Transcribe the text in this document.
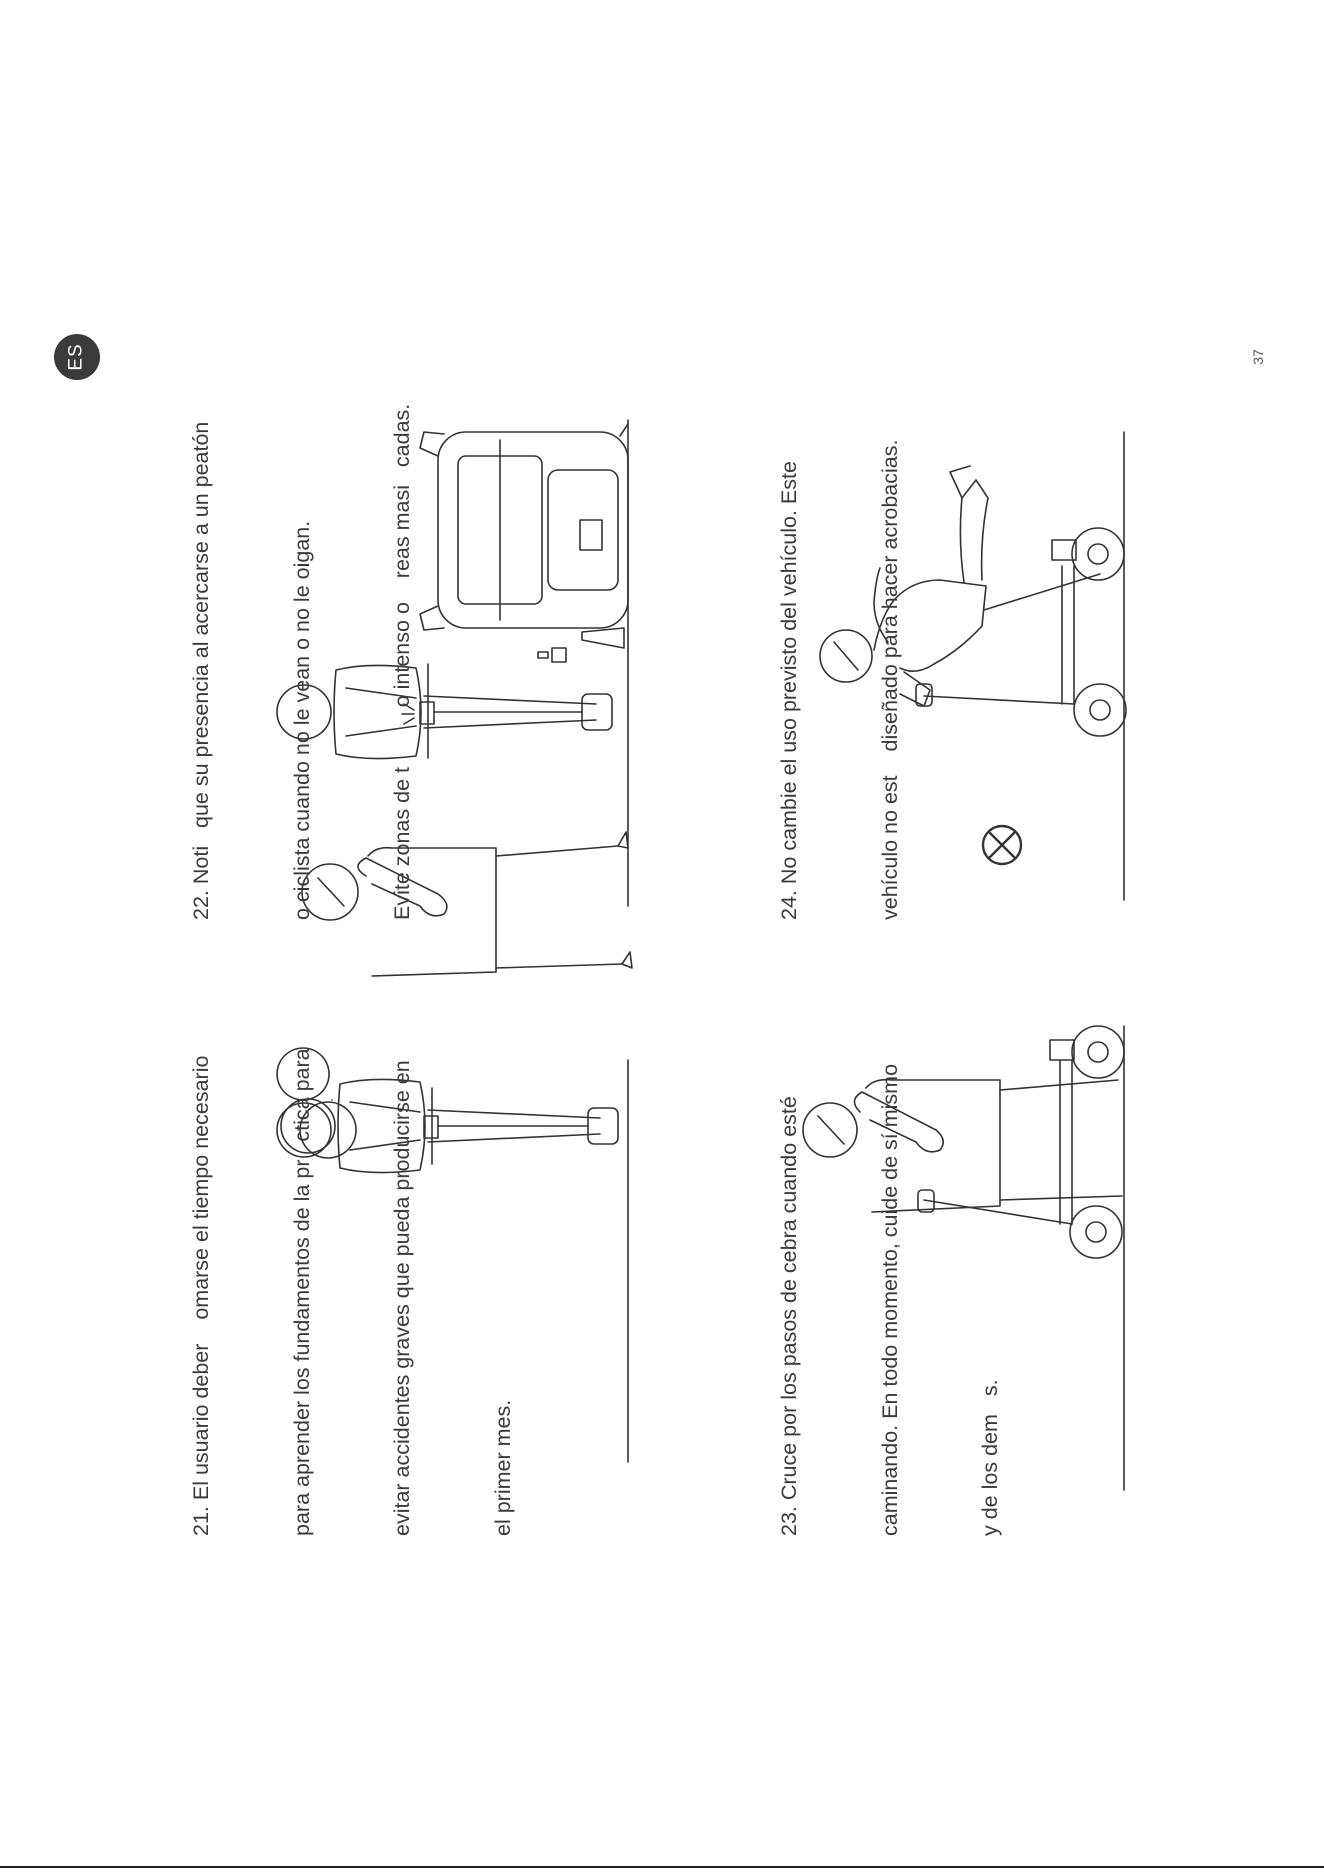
ES

21. El usuario deber    omarse el tiempo necesario

	para aprender los fundamentos de la pr   ctica para

	evitar accidentes graves que pueda producirse en

	el primer mes.

22. Noti   que su presencia al acercarse a un peatón

	o ciclista cuando no le vean o no le oigan.

	Evite zonas de t          o intenso o    reas masi   cadas.

23. Cruce por los pasos de cebra cuando esté

	caminando. En todo momento, cuide de sí mismo

	y de los dem   s.

24. No cambie el uso previsto del vehículo. Este

	vehículo no est    diseñado para hacer acrobacias.

37
